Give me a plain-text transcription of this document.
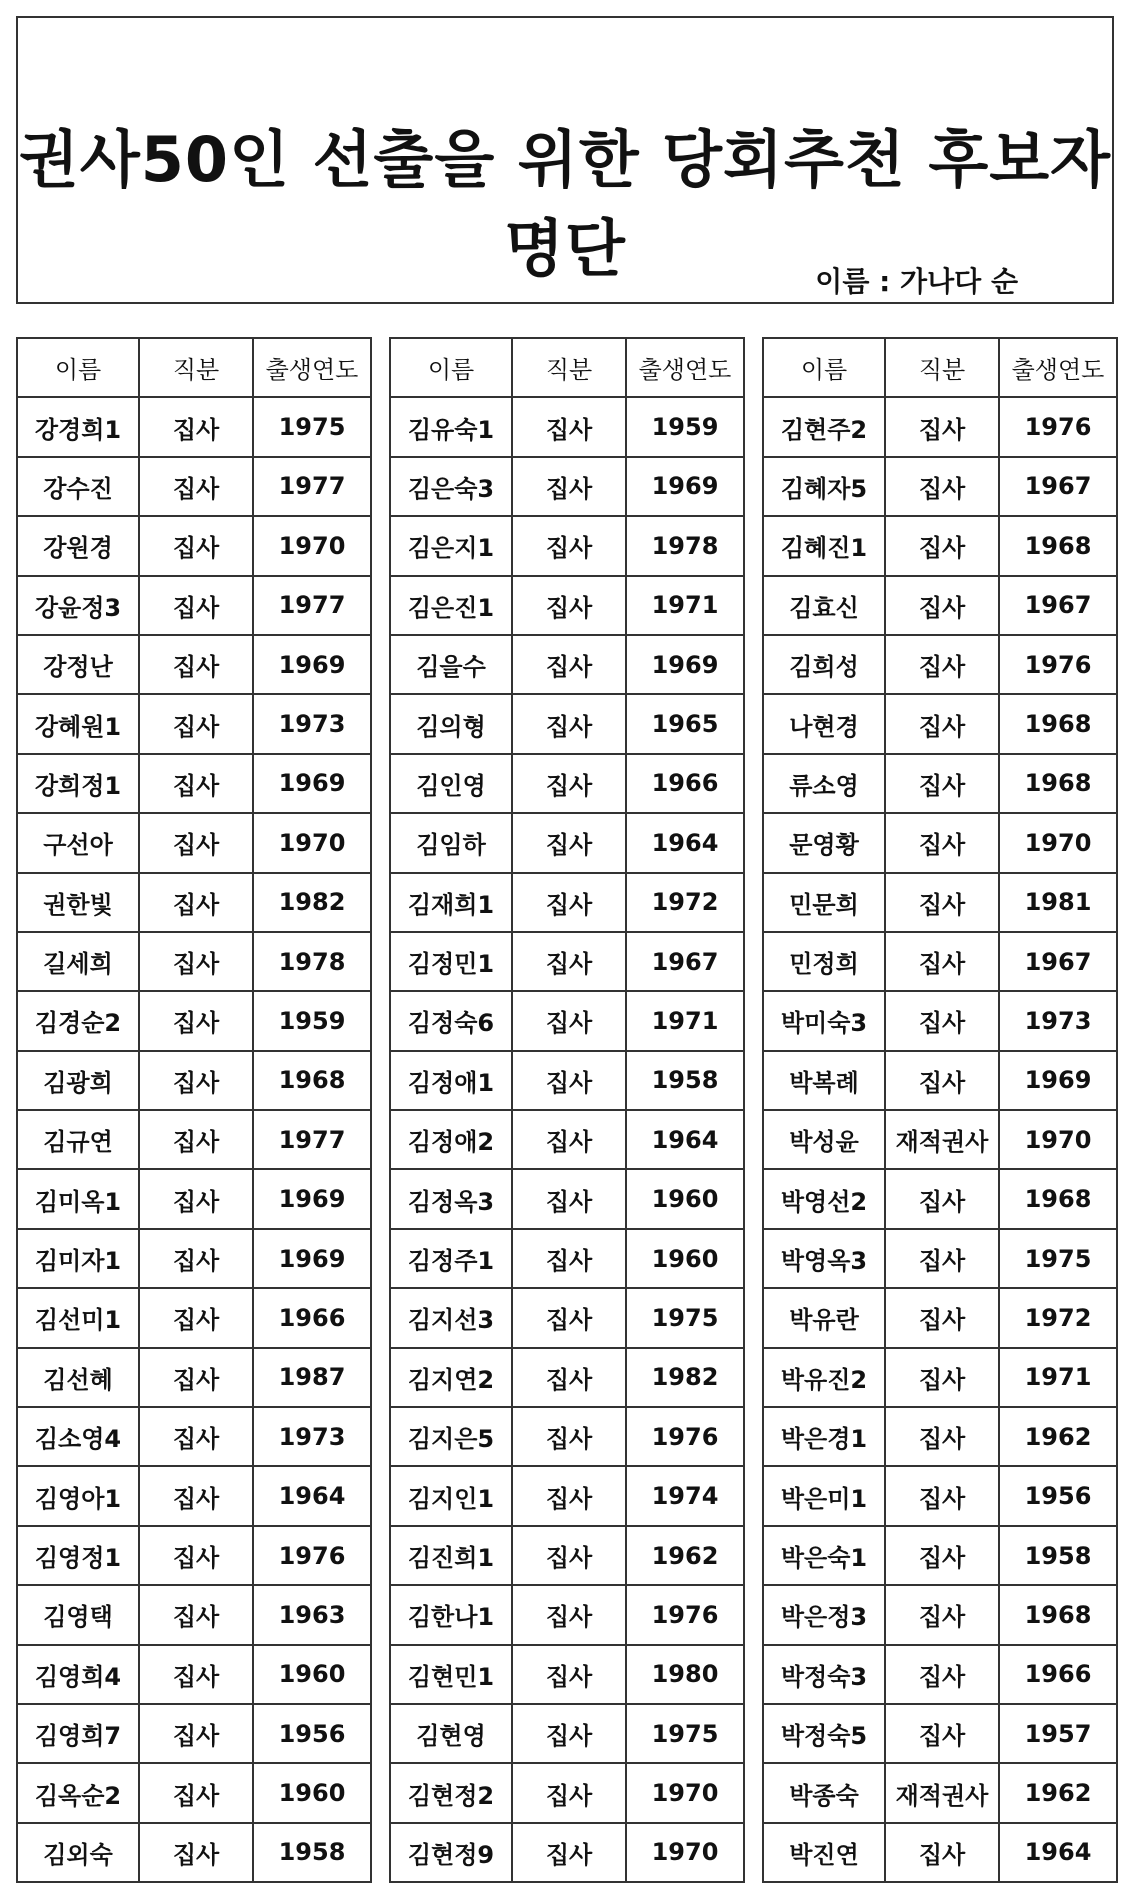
권사50인 선출을 위한 당회추천 후보자 명단	이름 : 가나다 순
이름	직분	출생연도
강경희1	집사	1975
강수진	집사	1977
강원경	집사	1970
강윤정3	집사	1977
강정난	집사	1969
강혜원1	집사	1973
강희정1	집사	1969
구선아	집사	1970
권한빛	집사	1982
길세희	집사	1978
김경순2	집사	1959
김광희	집사	1968
김규연	집사	1977
김미옥1	집사	1969
김미자1	집사	1969
김선미1	집사	1966
김선혜	집사	1987
김소영4	집사	1973
김영아1	집사	1964
김영정1	집사	1976
김영택	집사	1963
김영희4	집사	1960
김영희7	집사	1956
김옥순2	집사	1960
김외숙	집사	1958
이름	직분	출생연도
김유숙1	집사	1959
김은숙3	집사	1969
김은지1	집사	1978
김은진1	집사	1971
김을수	집사	1969
김의형	집사	1965
김인영	집사	1966
김임하	집사	1964
김재희1	집사	1972
김정민1	집사	1967
김정숙6	집사	1971
김정애1	집사	1958
김정애2	집사	1964
김정옥3	집사	1960
김정주1	집사	1960
김지선3	집사	1975
김지연2	집사	1982
김지은5	집사	1976
김지인1	집사	1974
김진희1	집사	1962
김한나1	집사	1976
김현민1	집사	1980
김현영	집사	1975
김현정2	집사	1970
김현정9	집사	1970
이름	직분	출생연도
김현주2	집사	1976
김혜자5	집사	1967
김혜진1	집사	1968
김효신	집사	1967
김희성	집사	1976
나현경	집사	1968
류소영	집사	1968
문영황	집사	1970
민문희	집사	1981
민정희	집사	1967
박미숙3	집사	1973
박복례	집사	1969
박성윤	재적권사	1970
박영선2	집사	1968
박영옥3	집사	1975
박유란	집사	1972
박유진2	집사	1971
박은경1	집사	1962
박은미1	집사	1956
박은숙1	집사	1958
박은정3	집사	1968
박정숙3	집사	1966
박정숙5	집사	1957
박종숙	재적권사	1962
박진연	집사	1964
